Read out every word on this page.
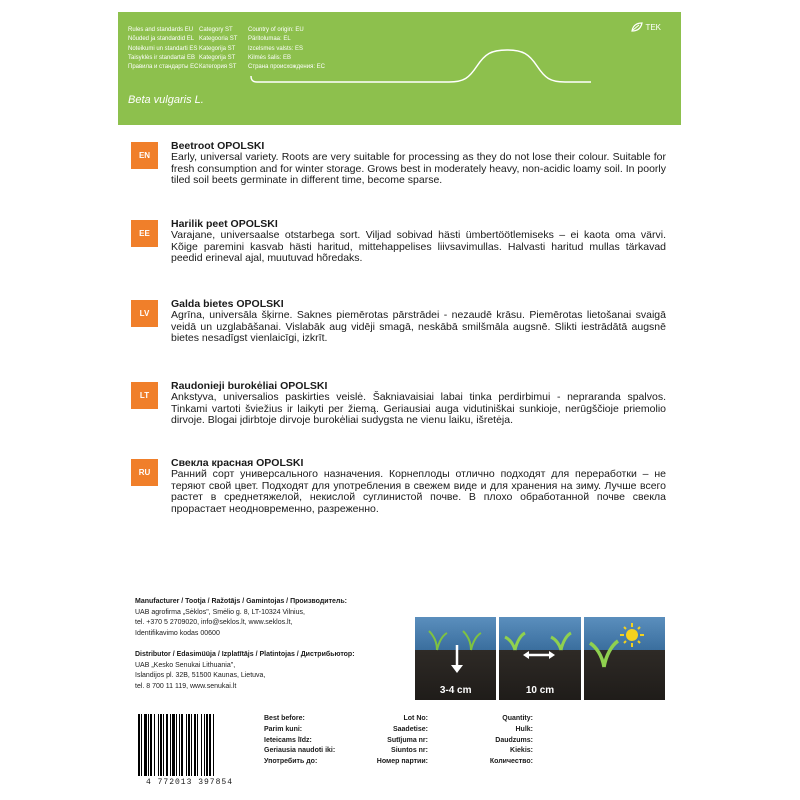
Rules and standards EU
Nõuded ja standardid EL
Noteikumi un standarti ES
Taisyklės ir standartai EB
Правила и стандарты ЕС
Category ST
Kategooria ST
Kategorija ST
Kategorija ST
Категория ST
Country of origin: EU
Päritolumaa: EL
Izcelsmes valsts: ES
Kilmės šalis: EB
Страна происхождения: ЕС
Beta vulgaris L.
TEK
EN
Beetroot OPOLSKI
Early, universal variety. Roots are very suitable for processing as they do not lose their colour. Suitable for fresh consumption and for winter storage. Grows best in moderately heavy, non-acidic loamy soil. In poorly tiled soil beets germinate in different time, become sparse.
EE
Harilik peet OPOLSKI
Varajane, universaalse otstarbega sort. Viljad sobivad hästi ümbertöötlemiseks – ei kaota oma värvi. Kõige paremini kasvab hästi haritud, mittehappelises liivsavimullas. Halvasti haritud mullas tärkavad peedid erineval ajal, muutuvad hõredaks.
LV
Galda bietes OPOLSKI
Agrīna, universāla šķirne. Saknes piemērotas pārstrādei - nezaudē krāsu. Piemērotas lietošanai svaigā veidā un uzglabāšanai. Vislabāk aug vidēji smagā, neskābā smilšmāla augsnē. Slikti iestrādātā augsnē bietes nesadīgst vienlaicīgi, izkrīt.
LT
Raudonieji burokėliai OPOLSKI
Ankstyva, universalios paskirties veislė. Šakniavaisiai labai tinka perdirbimui - nepraranda spalvos. Tinkami vartoti šviežius ir laikyti per žiemą. Geriausiai auga vidutiniškai sunkioje, nerūgščioje priemolio dirvoje. Blogai įdirbtoje dirvoje burokėliai sudygsta ne vienu laiku, išretėja.
RU
Свекла красная OPOLSKI
Ранний сорт универсального назначения. Корнеплоды отлично подходят для переработки – не теряют свой цвет. Подходят для употребления в свежем виде и для хранения на зиму. Лучше всего растет в среднетяжелой, некислой суглинистой почве. В плохо обработанной почве свекла прорастает неодновременно, разреженно.
Manufacturer / Tootja / Ražotājs / Gamintojas / Производитель:
UAB agrofirma „Sėklos", Smėlio g. 8, LT-10324 Vilnius,
tel. +370 5 2709020, info@seklos.lt, www.seklos.lt,
Identifikavimo kodas 00600
Distributor / Edasimüüja / Izplatītājs / Platintojas / Дистрибьютор:
UAB „Kesko Senukai Lithuania",
Islandijos pl. 32B, 51500 Kaunas, Lietuva,
tel. 8 700 11 119, www.senukai.lt	3-4 cm	10 cm
4 772013 397854
Best before:
Parim kuni:
Ieteicams līdz:
Geriausia naudoti iki:
Употребить до:
Lot No:
Saadetise:
Sutījuma nr:
Siuntos nr:
Номер партии:
Quantity:
Hulk:
Daudzums:
Kiekis:
Количество:
